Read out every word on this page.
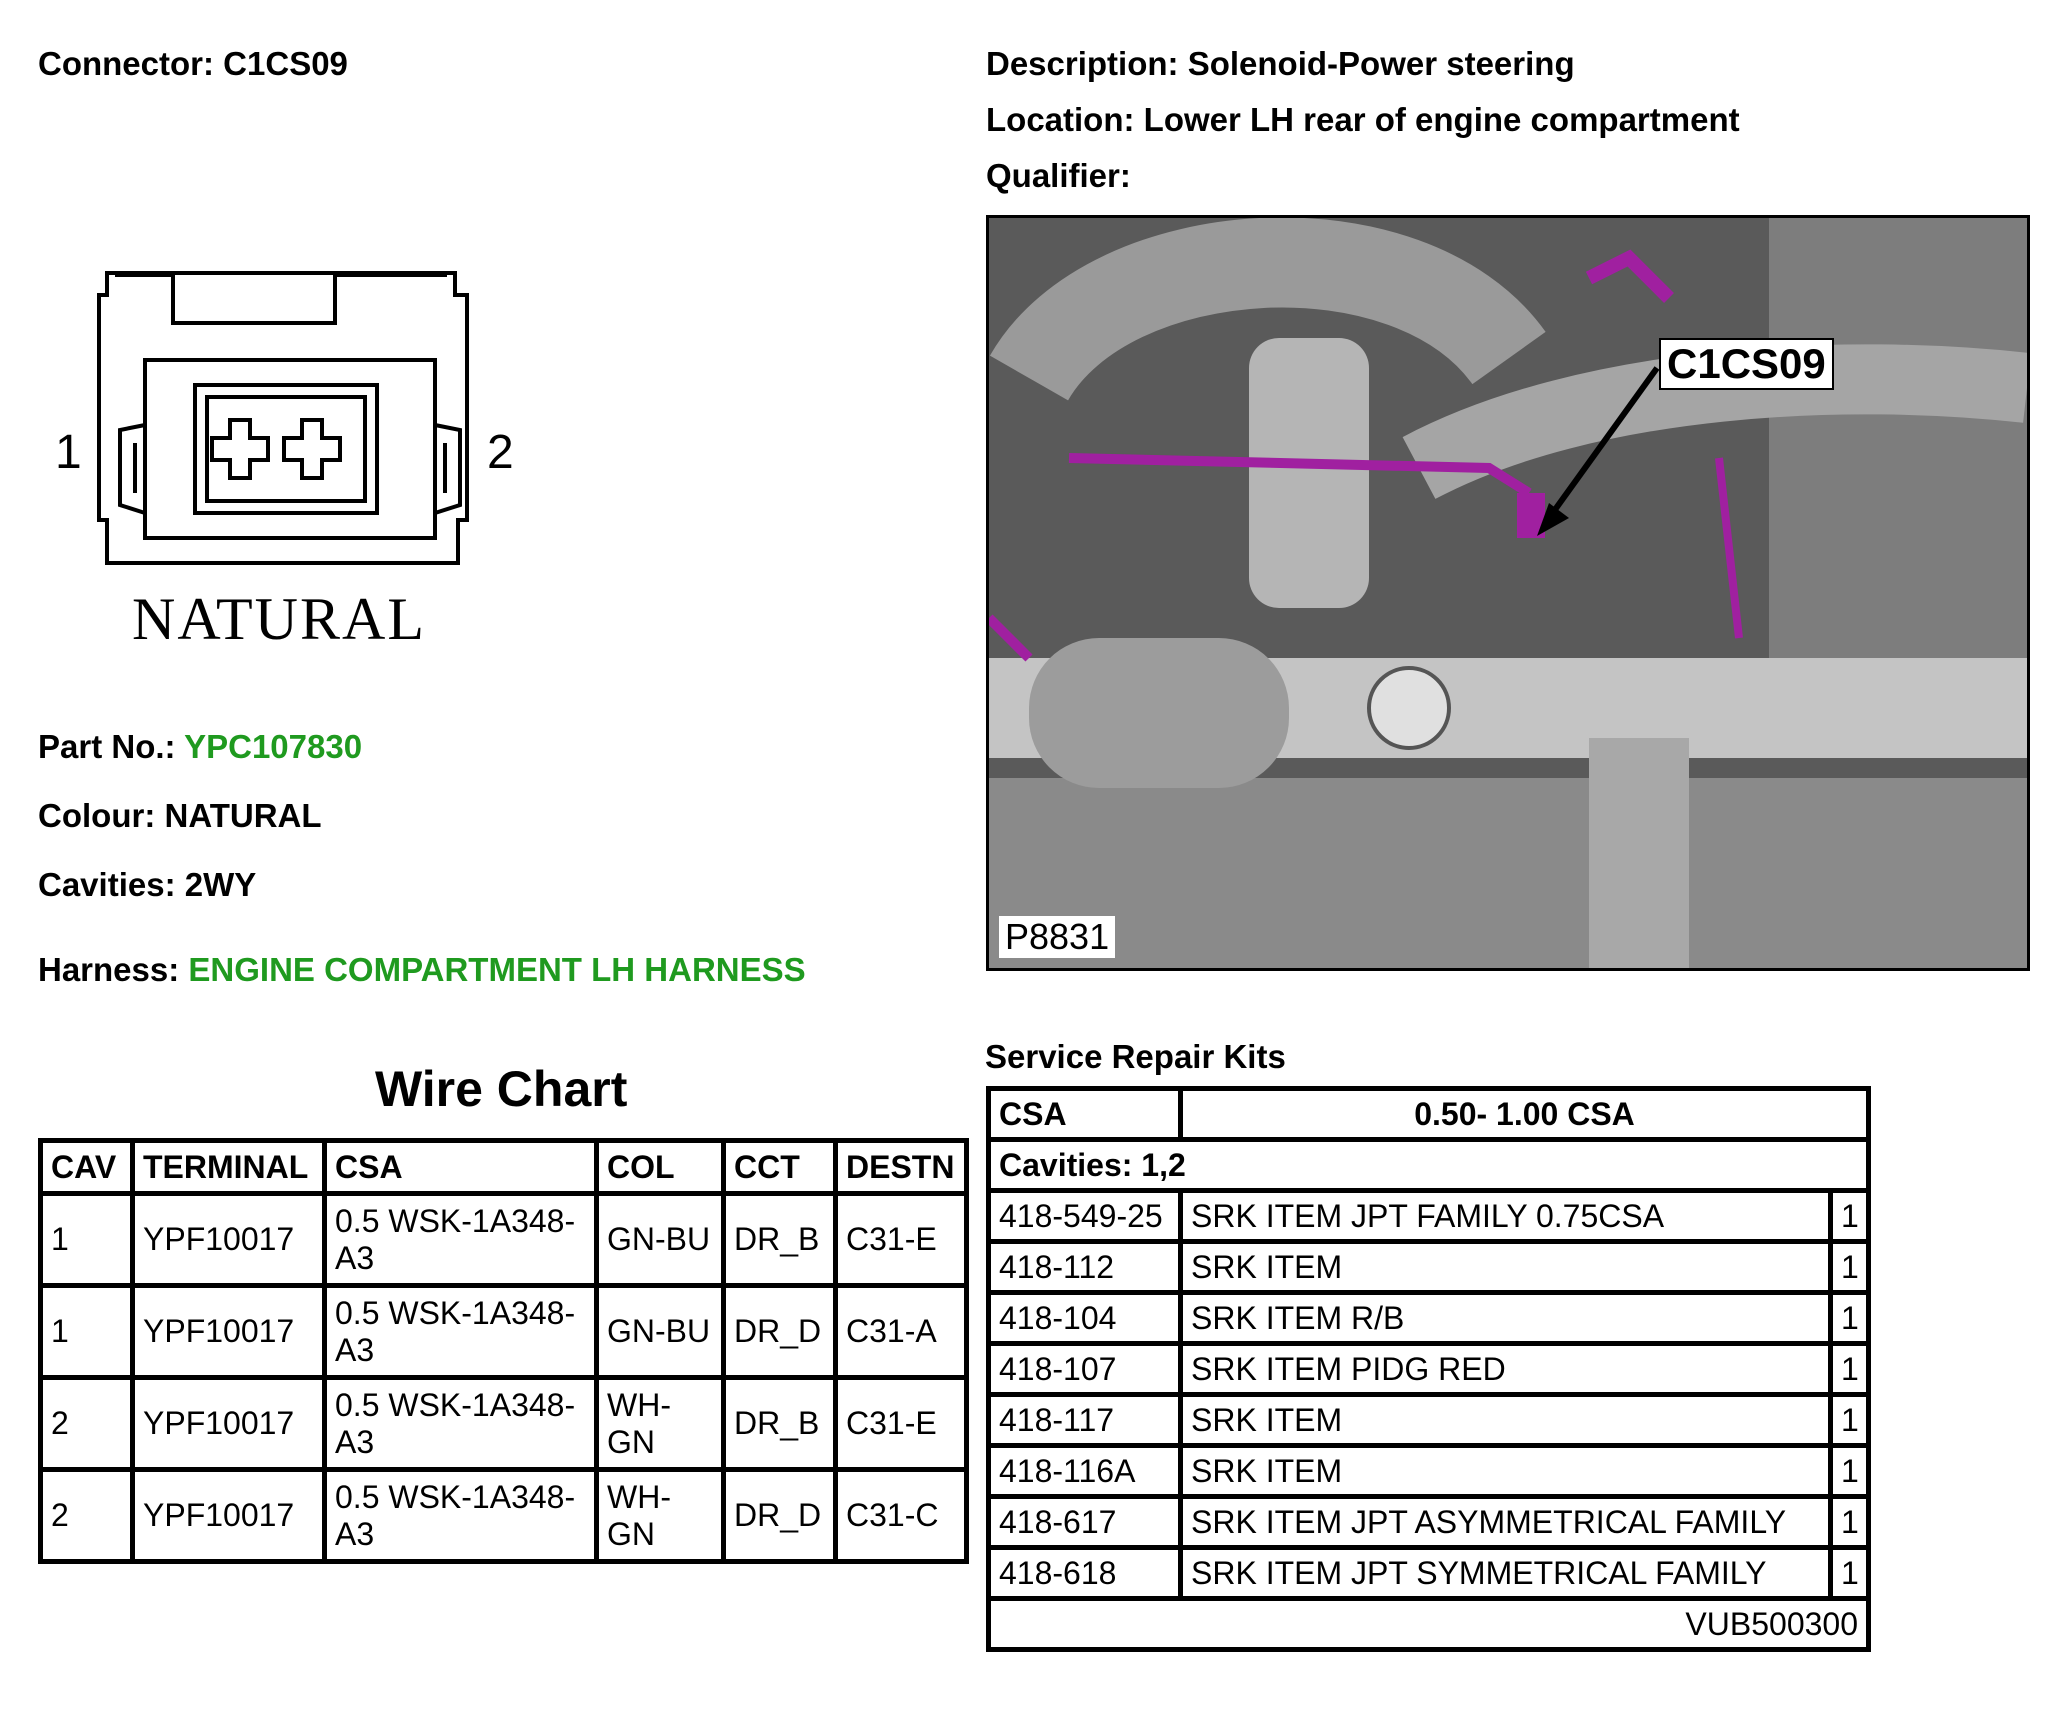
Connector: C1CS09	Description: Solenoid-Power steering
Location: Lower LH rear of engine compartment
Qualifier:
1	2
NATURAL
Part No.: YPC107830
Colour: NATURAL
Cavities: 2WY
Harness: ENGINE COMPARTMENT LH HARNESS
C1CS09
P8831
Wire Chart
CAV	TERMINAL	CSA	COL	CCT	DESTN
1	YPF10017	0.5 WSK-1A348-A3	GN-BU	DR_B	C31-E
1	YPF10017	0.5 WSK-1A348-A3	GN-BU	DR_D	C31-A
2	YPF10017	0.5 WSK-1A348-A3	WH-GN	DR_B	C31-E
2	YPF10017	0.5 WSK-1A348-A3	WH-GN	DR_D	C31-C
Service Repair Kits
CSA	0.50- 1.00 CSA	
Cavities: 1,2		
418-549-25	SRK ITEM JPT FAMILY 0.75CSA	1
418-112	SRK ITEM	1
418-104	SRK ITEM R/B	1
418-107	SRK ITEM PIDG RED	1
418-117	SRK ITEM	1
418-116A	SRK ITEM	1
418-617	SRK ITEM JPT ASYMMETRICAL FAMILY	1
418-618	SRK ITEM JPT SYMMETRICAL FAMILY	1
VUB500300		
